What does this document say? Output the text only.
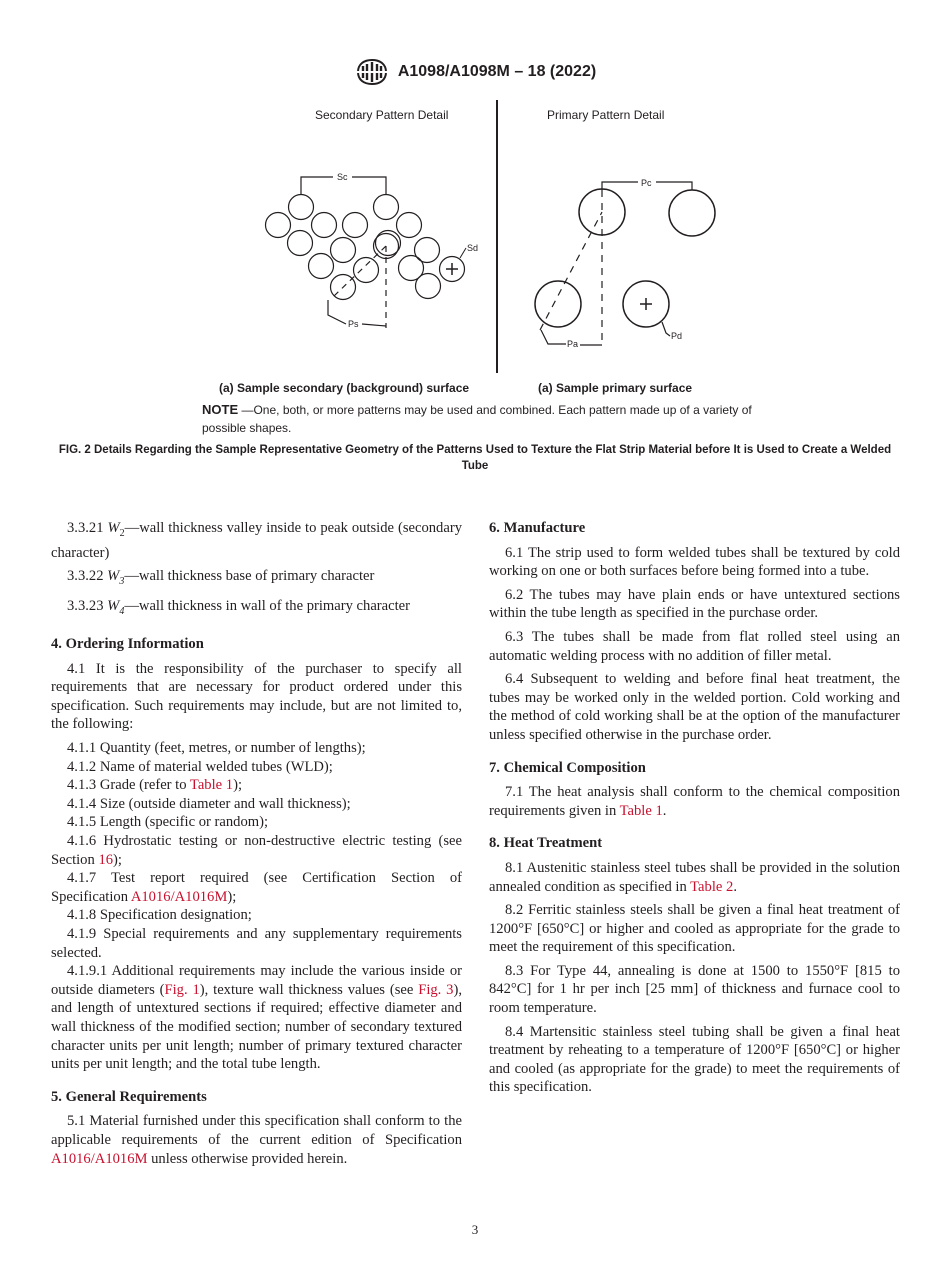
A1098/A1098M – 18 (2022)
Secondary Pattern Detail	Primary Pattern Detail
Sc
Sd
Ps
Pc
Pa
Pd
(a) Sample secondary (background) surface	(a) Sample primary surface
NOTE —One, both, or more patterns may be used and combined. Each pattern made up of a variety of possible shapes.
FIG. 2 Details Regarding the Sample Representative Geometry of the Patterns Used to Texture the Flat Strip Material before It is Used to Create a Welded Tube

3.3.21 $W_2—wall$ thickness valley inside to peak outside (secondary character)

3.3.22 $W_3—wall$ thickness base of primary character

3.3.23 $W_4—wall$ thickness in wall of the primary character

4. Ordering Information

4.1 It is the responsibility of the purchaser to specify all requirements that are necessary for product ordered under this specification. Such requirements may include, but are not limited to, the following:

4.1.1 Quantity (feet, metres, or number of lengths);

4.1.2 Name of material welded tubes (WLD);

4.1.3 Grade (refer to Table 1);

4.1.4 Size (outside diameter and wall thickness);

4.1.5 Length (specific or random);

4.1.6 Hydrostatic testing or non-destructive electric testing (see Section 16);

4.1.7 Test report required (see Certification Section of Specification A1016/A1016M);

4.1.8 Specification designation;

4.1.9 Special requirements and any supplementary requirements selected.

4.1.9.1 Additional requirements may include the various inside or outside diameters (Fig. 1), texture wall thickness values (see Fig. 3), and length of untextured sections if required; effective diameter and wall thickness of the modified section; number of secondary textured character units per unit length; number of primary textured character units per unit length; and the total tube length.

5. General Requirements

5.1 Material furnished under this specification shall conform to the applicable requirements of the current edition of Specification A1016/A1016M unless otherwise provided herein.

6. Manufacture

6.1 The strip used to form welded tubes shall be textured by cold working on one or both surfaces before being formed into a tube.

6.2 The tubes may have plain ends or have untextured sections within the tube length as specified in the purchase order.

6.3 The tubes shall be made from flat rolled steel using an automatic welding process with no addition of filler metal.

6.4 Subsequent to welding and before final heat treatment, the tubes may be worked only in the welded portion. Cold working and the method of cold working shall be at the option of the manufacturer unless specified otherwise in the purchase order.

7. Chemical Composition

7.1 The heat analysis shall conform to the chemical composition requirements given in Table 1.

8. Heat Treatment

8.1 Austenitic stainless steel tubes shall be provided in the solution annealed condition as specified in Table 2.

8.2 Ferritic stainless steels shall be given a final heat treatment of 1200°F [650°C] or higher and cooled as appropriate for the grade to meet the requirement of this specification.

8.3 For Type 44, annealing is done at 1500 to 1550°F [815 to 842°C] for 1 hr per inch [25 mm] of thickness and furnace cool to room temperature.

8.4 Martensitic stainless steel tubing shall be given a final heat treatment by reheating to a temperature of 1200°F [650°C] or higher and cooled (as appropriate for the grade) to meet the requirements of this specification.

3
